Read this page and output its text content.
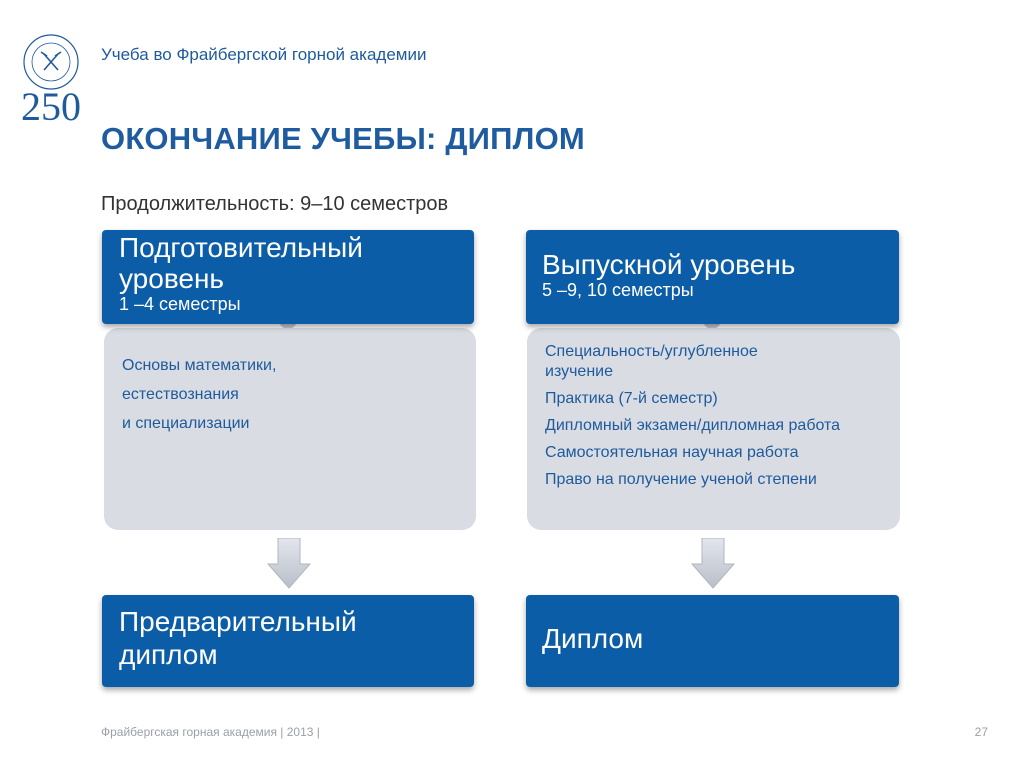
250
Учеба во Фрайбергской горной академии
ОКОНЧАНИЕ УЧЕБЫ: ДИПЛОМ
Продолжительность: 9–10 семестров
Подготовительный уровень
1 –4 семестры
Основы математики,
естествознания
и специализации
Предварительный диплом
Выпускной уровень
5 –9, 10 семестры
Специальность/углубленное изучение
Практика (7-й семестр)
Дипломный экзамен/дипломная работа
Самостоятельная научная работа
Право на получение ученой степени
Диплом
Фрайбергская горная академия | 2013 |	27
